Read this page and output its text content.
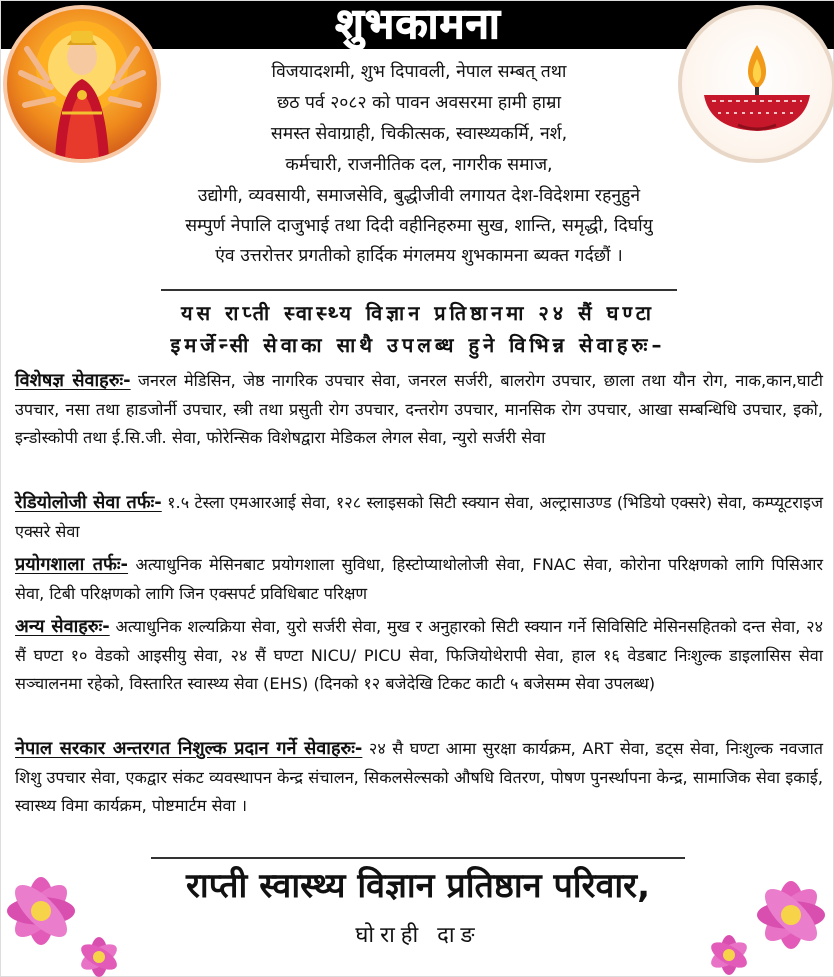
शुभकामना
विजयादशमी, शुभ दिपावली, नेपाल सम्बत् तथा
छठ पर्व २०८२ को पावन अवसरमा हामी हाम्रा
समस्त सेवाग्राही, चिकीत्सक, स्वास्थ्यकर्मि, नर्श,
कर्मचारी, राजनीतिक दल, नागरीक समाज,
उद्योगी, व्यवसायी, समाजसेवि, बुद्धीजीवी लगायत देश-विदेशमा रहनुहुने
सम्पुर्ण नेपालि दाजुभाई तथा दिदी वहीनिहरुमा सुख, शान्ति, समृद्धी, दिर्घायु
एंव उत्तरोत्तर प्रगतीको हार्दिक मंगलमय शुभकामना ब्यक्त गर्दछौं ।
यस राप्ती स्वास्थ्य विज्ञान प्रतिष्ठानमा २४ सैं घण्टा
इमर्जेन्सी सेवाका साथै उपलब्ध हुने विभिन्न सेवाहरुः–
विशेषज्ञ सेवाहरुः- जनरल मेडिसिन, जेष्ठ नागरिक उपचार सेवा, जनरल सर्जरी, बालरोग उपचार, छाला तथा यौन रोग, नाक,कान,घाटी उपचार, नसा तथा हाडजोर्नी उपचार, स्त्री तथा प्रसुती रोग उपचार, दन्तरोग उपचार, मानसिक रोग उपचार, आखा सम्बन्धिधि उपचार, इको, इन्डोस्कोपी तथा ई.सि.जी. सेवा, फोरेन्सिक विशेषद्वारा मेडिकल लेगल सेवा, न्युरो सर्जरी सेवा
रेडियोलोजी सेवा तर्फः- १.५ टेस्ला एमआरआई सेवा, १२८ स्लाइसको सिटी स्क्यान सेवा, अल्ट्रासाउण्ड (भिडियो एक्सरे) सेवा, कम्प्यूटराइज एक्सरे सेवा
प्रयोगशाला तर्फः- अत्याधुनिक मेसिनबाट प्रयोगशाला सुविधा, हिस्टोप्याथोलोजी सेवा, FNAC सेवा, कोरोना परिक्षणको लागि पिसिआर सेवा, टिबी परिक्षणको लागि जिन एक्सपर्ट प्रविधिबाट परिक्षण
अन्य सेवाहरुः- अत्याधुनिक शल्यक्रिया सेवा, युरो सर्जरी सेवा, मुख र अनुहारको सिटी स्क्यान गर्ने सिविसिटि मेसिनसहितको दन्त सेवा, २४ सैं घण्टा १० वेडको आइसीयु सेवा, २४ सैं घण्टा NICU/ PICU सेवा, फिजियोथेरापी सेवा, हाल १६ वेडबाट निःशुल्क डाइलासिस सेवा सञ्चालनमा रहेको, विस्तारित स्वास्थ्य सेवा (EHS) (दिनको १२ बजेदेखि टिकट काटी ५ बजेसम्म सेवा उपलब्ध)
नेपाल सरकार अन्तरगत निशुल्क प्रदान गर्ने सेवाहरुः- २४ सै घण्टा आमा सुरक्षा कार्यक्रम, ART सेवा, डट्स सेवा, निःशुल्क नवजात शिशु उपचार सेवा, एकद्वार संकट व्यवस्थापन केन्द्र संचालन, सिकलसेल्सको औषधि वितरण, पोषण पुनर्स्थापना केन्द्र, सामाजिक सेवा इकाई, स्वास्थ्य विमा कार्यक्रम, पोष्टमार्टम सेवा ।
राप्ती स्वास्थ्य विज्ञान प्रतिष्ठान परिवार,
घोराही दाङ
